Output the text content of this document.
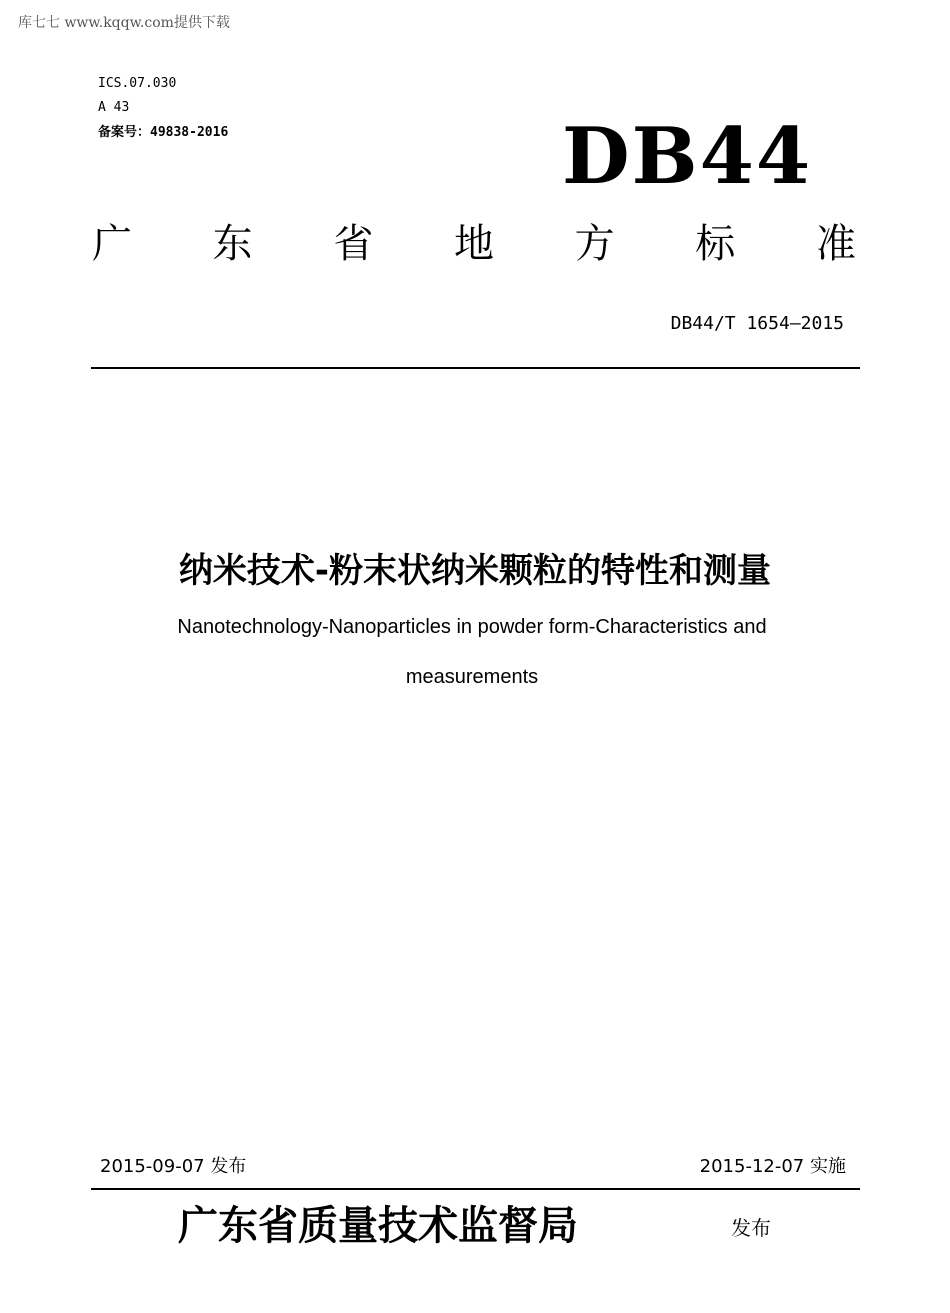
库七七 www.kqqw.com提供下载
ICS.07.030
A 43
备案号：49838-2016	DB44
广 东 省 地 方 标 准
DB44/T 1654—2015
纳米技术-粉末状纳米颗粒的特性和测量
Nanotechnology-Nanoparticles in powder form-Characteristics and
measurements
2015-09-07 发布	2015-12-07 实施
广东省质量技术监督局	发布
